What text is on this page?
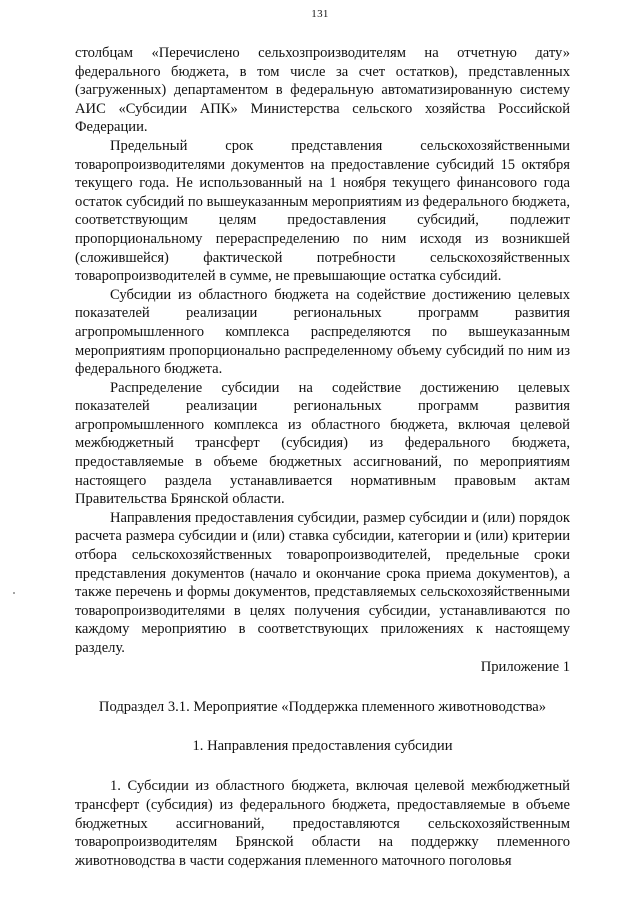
131

столбцам «Перечислено сельхозпроизводителям на отчетную дату» федерального бюджета, в том числе за счет остатков), представленных (загруженных) департаментом в федеральную автоматизированную систему АИС «Субсидии АПК» Министерства сельского хозяйства Российской Федерации.

Предельный срок представления сельскохозяйственными товаропроизводителями документов на предоставление субсидий 15 октября текущего года. Не использованный на 1 ноября текущего финансового года остаток субсидий по вышеуказанным мероприятиям из федерального бюджета, соответствующим целям предоставления субсидий, подлежит пропорциональному перераспределению по ним исходя из возникшей (сложившейся) фактической потребности сельскохозяйственных товаропроизводителей в сумме, не превышающие остатка субсидий.

Субсидии из областного бюджета на содействие достижению целевых показателей реализации региональных программ развития агропромышленного комплекса распределяются по вышеуказанным мероприятиям пропорционально распределенному объему субсидий по ним из федерального бюджета.

Распределение субсидии на содействие достижению целевых показателей реализации региональных программ развития агропромышленного комплекса из областного бюджета, включая целевой межбюджетный трансферт (субсидия) из федерального бюджета, предоставляемые в объеме бюджетных ассигнований, по мероприятиям настоящего раздела устанавливается нормативным правовым актам Правительства Брянской области.

Направления предоставления субсидии, размер субсидии и (или) порядок расчета размера субсидии и (или) ставка субсидии, категории и (или) критерии отбора сельскохозяйственных товаропроизводителей, предельные сроки представления документов (начало и окончание срока приема документов), а также перечень и формы документов, представляемых сельскохозяйственными товаропроизводителями в целях получения субсидии, устанавливаются по каждому мероприятию в соответствующих приложениях к настоящему разделу.

Приложение 1

Подраздел 3.1. Мероприятие «Поддержка племенного животноводства»

1. Направления предоставления субсидии

1. Субсидии из областного бюджета, включая целевой межбюджетный трансферт (субсидия) из федерального бюджета, предоставляемые в объеме бюджетных ассигнований, предоставляются сельскохозяйственным товаропроизводителям Брянской области на поддержку племенного животноводства в части содержания племенного маточного поголовья
